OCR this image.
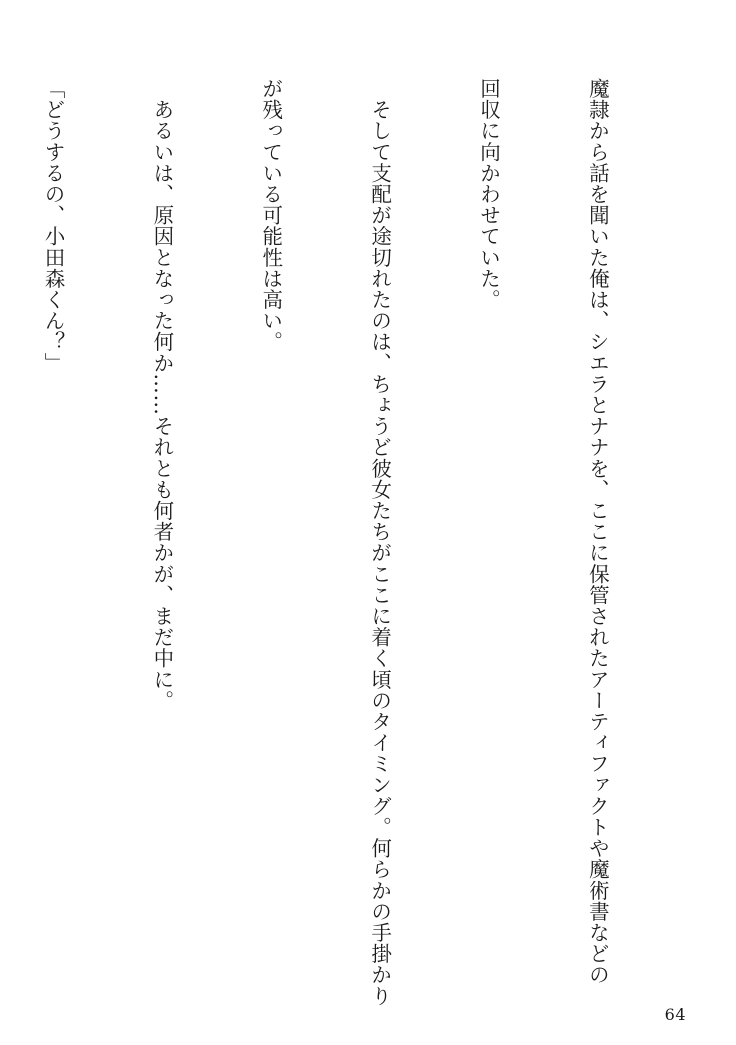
魔隷から話を聞いた俺は、シエラとナナを、ここに保管されたアーティファクトや魔術書などの

回収に向かわせていた。

　そして支配が途切れたのは、ちょうど彼女たちがここに着く頃のタイミング。何らかの手掛かり

が残っている可能性は高い。

　あるいは、原因となった何か……それとも何者かが、まだ中に。

「どうするの、小田森くん？」

64
